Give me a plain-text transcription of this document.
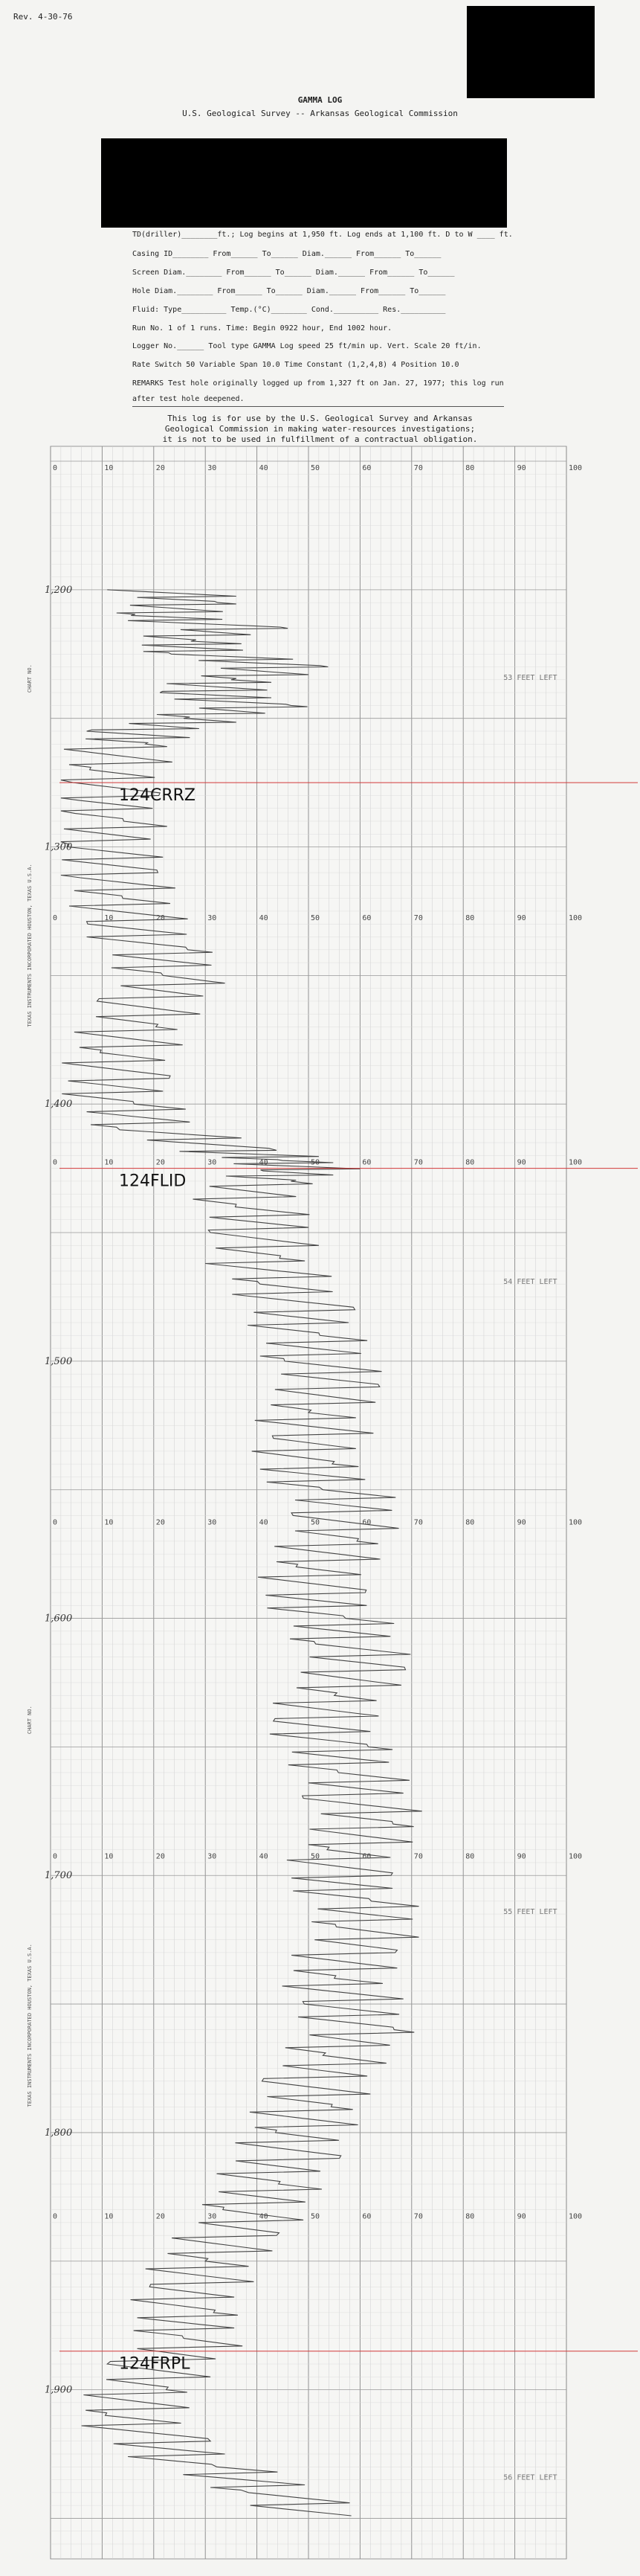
Rev. 4-30-76
GAMMA LOG
U.S. Geological Survey -- Arkansas Geological Commission
TD(driller)________ft.; Log begins at 1,950 ft. Log ends at 1,100 ft. D to W ____ ft.
Casing ID________ From______ To______ Diam.______ From______ To______
Screen Diam.________ From______ To______ Diam.______ From______ To______
Hole Diam.________ From______ To______ Diam.______ From______ To______
Fluid: Type__________ Temp.(°C)________ Cond.__________ Res.__________
Run No. 1 of 1 runs. Time: Begin 0922 hour, End 1002 hour.
Logger No.______ Tool type GAMMA Log speed 25 ft/min up. Vert. Scale 20 ft/in.
Rate Switch 50 Variable Span 10.0 Time Constant (1,2,4,8) 4 Position 10.0
REMARKS Test hole originally logged up from 1,327 ft on Jan. 27, 1977; this log run
after test hole deepened.
This log is for use by the U.S. Geological Survey and Arkansas
Geological Commission in making water-resources investigations;
it is not to be used in fulfillment of a contractual obligation.
0	10	20	30	40	50	60	70	80	90	100
0	10	20	30	40	50	60	70	80	90	100
0	10	20	30	40	50	60	70	80	90	100
0	10	20	30	40	50	60	70	80	90	100
0	10	20	30	40	50	60	70	80	90	100
0	10	20	30	40	50	60	70	80	90	100
1,200
1,300
1,400
1,500
1,600
1,700
1,800
1,900
TEXAS INSTRUMENTS INCORPORATED HOUSTON, TEXAS U.S.A.
TEXAS INSTRUMENTS INCORPORATED HOUSTON, TEXAS U.S.A.
CHART NO.
CHART NO.
53 FEET LEFT
54 FEET LEFT
55 FEET LEFT
56 FEET LEFT
124CRRZ
124FLID
124FRPL
